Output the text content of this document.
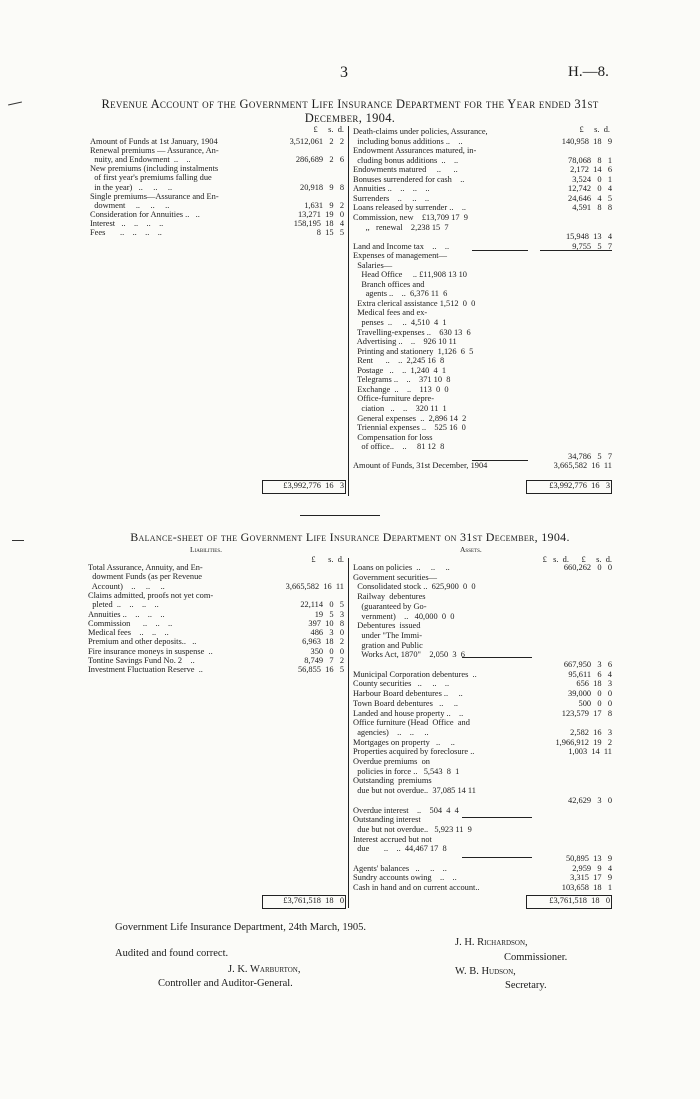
3	H.—8.
Revenue Account of the Government Life Insurance Department for the Year ended 31st December, 1904.
£     s.  d.	£     s.  d.
Amount of Funds at 1st January, 1904	3,512,061   2   2
Renewal premiums — Assurance, An-
nuity, and Endowment  ..    ..	286,689   2   6
New premiums (including instalments
of first year's premiums falling due
in the year)   ..     ..     ..	20,918   9   8
Single premiums—Assurance and En-
dowment     ..     ..     ..	1,631   9   2
Consideration for Annuities ..   ..	13,271  19   0
Interest   ..    ..    ..    ..	158,195  18   4
Fees       ..    ..    ..    ..	8  15   5
Death-claims under policies, Assurance,
including bonus additions ..    ..	140,958  18   9
Endowment Assurances matured, in-
cluding bonus additions  ..    ..	78,068   8   1
Endowments matured     ..      ..	2,172  14   6
Bonuses surrendered for cash    ..	3,524   0   1
Annuities ..    ..    ..    ..	12,742   0   4
Surrenders    ..     ..    ..	24,646   4   5
Loans released by surrender ..    ..	4,591   8   8
Commission, new    £13,709 17  9
,,   renewal    2,238 15  7
15,948  13   4
Land and Income tax    ..    ..	9,755   5   7
Expenses of management—
Salaries—
Head Office     .. £11,908 13 10
Branch offices and
agents ..    ..  6,376 11  6
Extra clerical assistance 1,512  0  0
Medical fees and ex-
penses  ..     ..  4,510  4  1
Travelling-expenses ..    630 13  6
Advertising ..    ..    926 10 11
Printing and stationery  1,126  6  5
Rent      ..    ..  2,245 16  8
Postage   ..    ..  1,240  4  1
Telegrams ..    ..    371 10  8
Exchange  ..    ..    113  0  0
Office-furniture depre-
ciation   ..    ..    320 11  1
General expenses  ..  2,896 14  2
Triennial expenses ..    525 16  0
Compensation for loss
of office..    ..     81 12  8
34,786   5   7
Amount of Funds, 31st December, 1904	3,665,582  16  11
£3,992,776  16   3	£3,992,776  16   3
Balance-sheet of the Government Life Insurance Department on 31st December, 1904.
Liabilities.	Assets.
£      s.  d.	£   s.  d.      £     s.  d.
Total Assurance, Annuity, and En-
dowment Funds (as per Revenue
Account)    ..     ..     ..	3,665,582  16  11
Claims admitted, proofs not yet com-
pleted  ..    ..    ..    ..	22,114   0   5
Annuities ..    ..    ..    ..	19   5   3
Commission      ..    ..    ..	397  10   8
Medical fees    ..    ..    ..	486   3   0
Premium and other deposits..   ..	6,963  18   2
Fire insurance moneys in suspense  ..	350   0   0
Tontine Savings Fund No. 2    ..	8,749   7   2
Investment Fluctuation Reserve  ..	56,855  16   5
Loans on policies  ..     ..     ..	660,262   0   0
Government securities—
Consolidated stock ..  625,900  0  0
Railway  debentures
(guaranteed by Go-
vernment)    ..   40,000  0  0
Debentures  issued
under "The Immi-
gration and Public
Works Act, 1870"    2,050  3  6
667,950   3   6
Municipal Corporation debentures  ..	95,611   6   4
County securities   ..     ..    ..	656  18   3
Harbour Board debentures ..     ..	39,000   0   0
Town Board debentures   ..     ..	500   0   0
Landed and house property ..    ..	123,579  17   8
Office furniture (Head  Office  and
agencies)    ..    ..     ..	2,582  16   3
Mortgages on property   ..     ..	1,966,912  19   2
Properties acquired by foreclosure ..	1,003  14  11
Overdue premiums  on
policies in force ..   5,543  8  1
Outstanding  premiums
due but not overdue..  37,085 14 11
42,629   3   0
Overdue interest    ..    504  4  4
Outstanding interest
due but not overdue..   5,923 11  9
Interest accrued but not
due       ..    ..  44,467 17  8
50,895  13   9
Agents' balances   ..     ..    ..	2,959   9   4
Sundry accounts owing    ..    ..	3,315  17   9
Cash in hand and on current account..	103,658  18   1
£3,761,518  18   0	£3,761,518  18   0
Government Life Insurance Department, 24th March, 1905.
Audited and found correct.
J. K. Warburton,
Controller and Auditor-General.
J. H. Richardson,
Commissioner.
W. B. Hudson,
Secretary.
